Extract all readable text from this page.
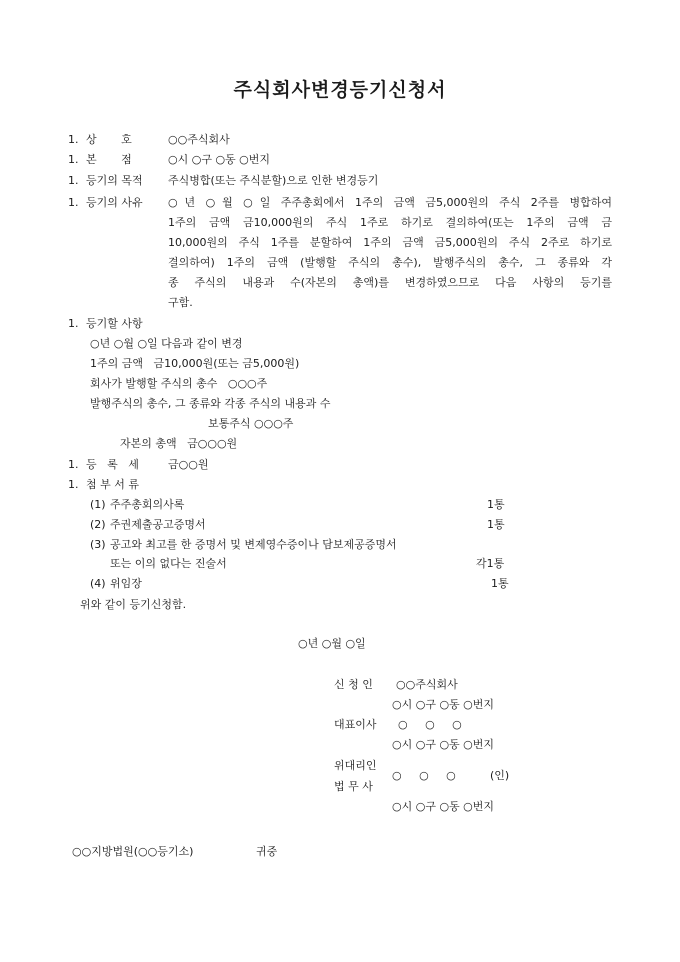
주식회사변경등기신청서
1. 상       호	○○주식회사
1. 본       점	○시 ○구 ○동 ○번지
1. 등기의 목적 주식병합(또는 주식분할)으로 인한 변경등기
1. 등기의 사유 ○년 ○월 ○일 주주총회에서 1주의 금액 금5,000원의 주식 2주를 병합하여
1주의 금액 금10,000원의 주식 1주로 하기로 결의하여(또는 1주의 금액 금
10,000원의 주식 1주를 분할하여 1주의 금액 금5,000원의 주식 2주로 하기로
결의하여) 1주의 금액 (발행할 주식의 총수), 발행주식의 총수, 그 종류와 각
종 주식의 내용과 수(자본의 총액)를 변경하였으므로 다음 사항의 등기를
구함.
1. 등기할 사항
○년 ○월 ○일 다음과 같이 변경
1주의 금액   금10,000원(또는 금5,000원)
회사가 발행할 주식의 총수   ○○○주
발행주식의 총수, 그 종류와 각종 주식의 내용과 수
보통주식 ○○○주
자본의 총액   금○○○원
1. 등   록   세	금○○원
1. 첨 부 서 류
(1) 주주총회의사록	1통
(2) 주권제출공고증명서	1통
(3) 공고와 최고를 한 증명서 및 변제영수증이나 담보제공증명서
또는 이의 없다는 진술서	각1통
(4) 위임장	1통
위와 같이 등기신청함.
○년 ○월 ○일
신 청 인 ○○주식회사
○시 ○구 ○동 ○번지
대표이사 ○     ○     ○
○시 ○구 ○동 ○번지
위대리인
○     ○     ○	(인)
법 무 사
○시 ○구 ○동 ○번지
○○지방법원(○○등기소)	귀중
